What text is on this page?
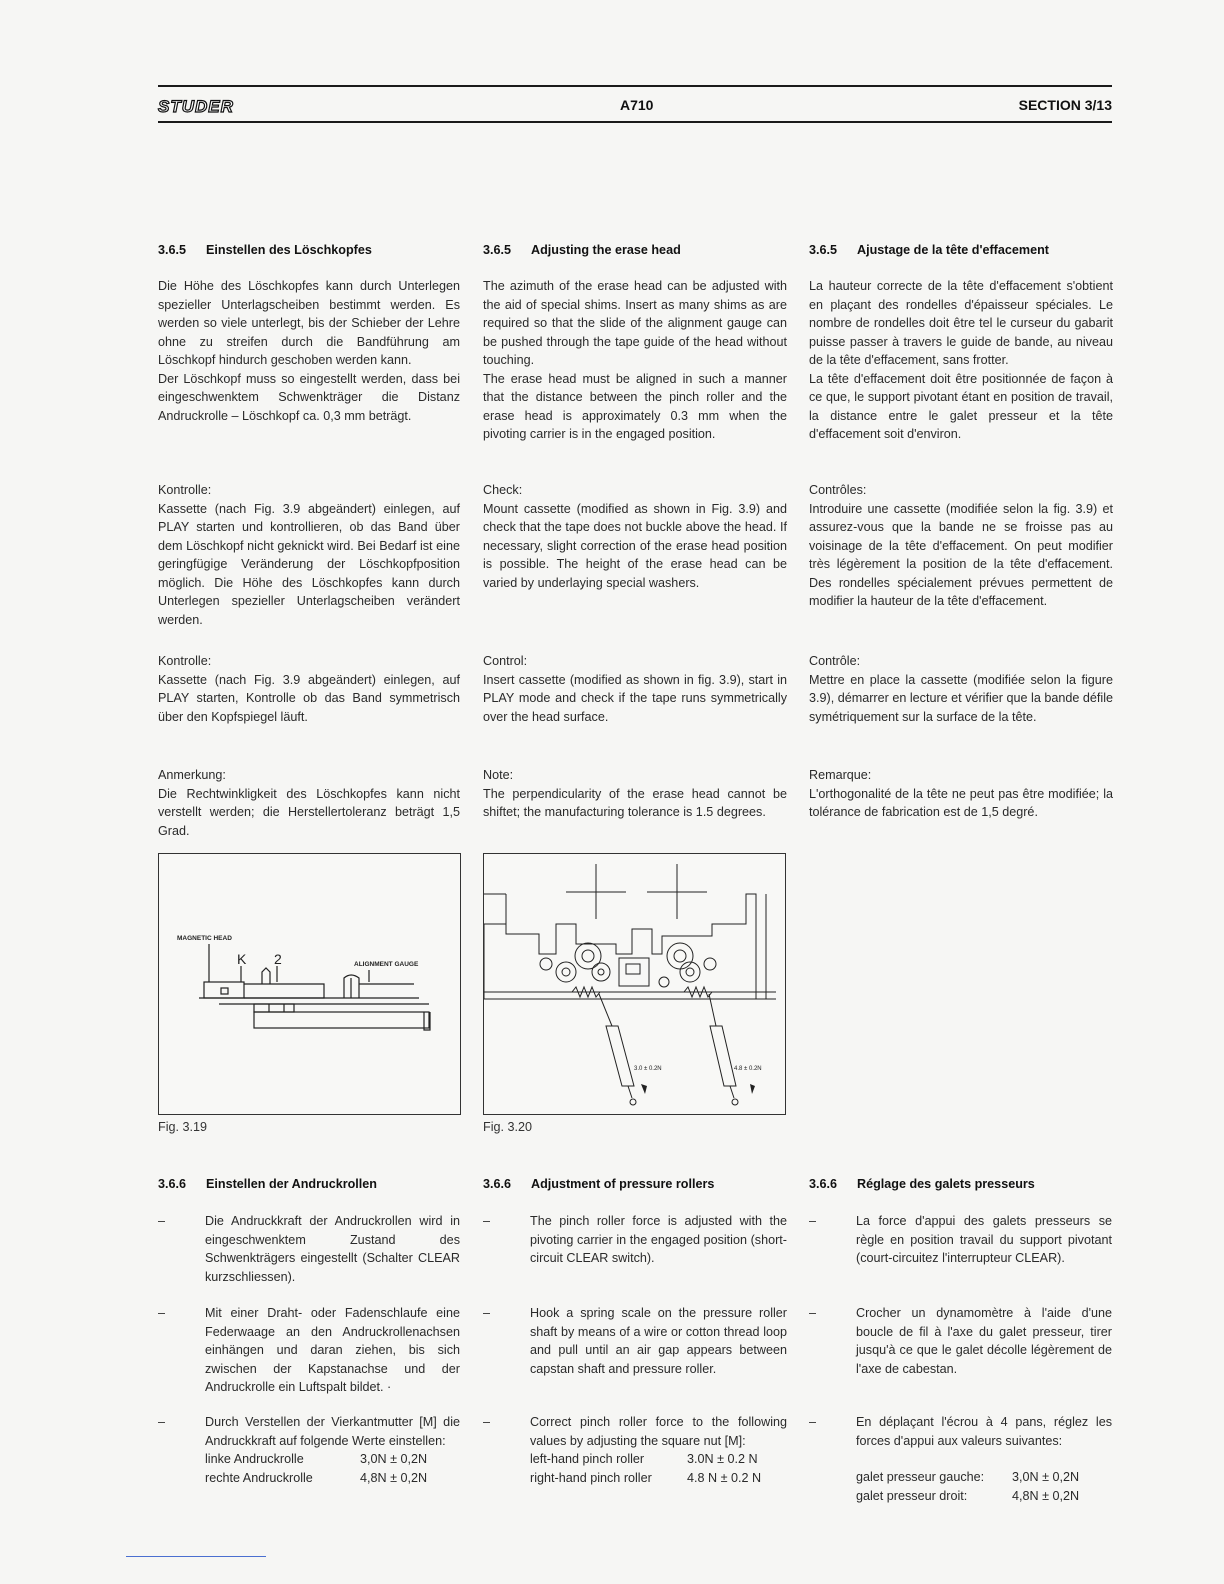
STUDER	A710	SECTION 3/13
3.6.5 Einstellen des Löschkopfes

Die Höhe des Löschkopfes kann durch Unterlegen spezieller Unterlagscheiben bestimmt werden. Es werden so viele unterlegt, bis der Schieber der Lehre ohne zu streifen durch die Bandführung am Löschkopf hindurch geschoben werden kann.

Der Löschkopf muss so eingestellt werden, dass bei eingeschwenktem Schwenkträger die Distanz Andruckrolle – Löschkopf ca. 0,3 mm beträgt.

Kontrolle:

Kassette (nach Fig. 3.9 abgeändert) einlegen, auf PLAY starten und kontrollieren, ob das Band über dem Löschkopf nicht geknickt wird. Bei Bedarf ist eine geringfügige Veränderung der Löschkopfposition möglich. Die Höhe des Löschkopfes kann durch Unterlegen spezieller Unterlagscheiben verändert werden.

Kontrolle:

Kassette (nach Fig. 3.9 abgeändert) einlegen, auf PLAY starten, Kontrolle ob das Band symmetrisch über den Kopfspiegel läuft.

Anmerkung:

Die Rechtwinkligkeit des Löschkopfes kann nicht verstellt werden; die Herstellertoleranz beträgt 1,5 Grad.

3.6.5 Adjusting the erase head

The azimuth of the erase head can be adjusted with the aid of special shims. Insert as many shims as are required so that the slide of the alignment gauge can be pushed through the tape guide of the head without touching.

The erase head must be aligned in such a manner that the distance between the pinch roller and the erase head is approximately 0.3 mm when the pivoting carrier is in the engaged position.

Check:

Mount cassette (modified as shown in Fig. 3.9) and check that the tape does not buckle above the head. If necessary, slight correction of the erase head position is possible. The height of the erase head can be varied by underlaying special washers.

Control:

Insert cassette (modified as shown in fig. 3.9), start in PLAY mode and check if the tape runs symmetrically over the head surface.

Note:

The perpendicularity of the erase head cannot be shiftet; the manufacturing tolerance is 1.5 degrees.

3.6.5 Ajustage de la tête d'effacement

La hauteur correcte de la tête d'effacement s'obtient en plaçant des rondelles d'épaisseur spéciales. Le nombre de rondelles doit être tel le curseur du gabarit puisse passer à travers le guide de bande, au niveau de la tête d'effacement, sans frotter.

La tête d'effacement doit être positionnée de façon à ce que, le support pivotant étant en position de travail, la distance entre le galet presseur et la tête d'effacement soit d'environ.

Contrôles:

Introduire une cassette (modifiée selon la fig. 3.9) et assurez-vous que la bande ne se froisse pas au voisinage de la tête d'effacement. On peut modifier très légèrement la position de la tête d'effacement. Des rondelles spécialement prévues permettent de modifier la hauteur de la tête d'effacement.

Contrôle:

Mettre en place la cassette (modifiée selon la figure 3.9), démarrer en lecture et vérifier que la bande défile symétriquement sur la surface de la tête.

Remarque:

L'orthogonalité de la tête ne peut pas être modifiée; la tolérance de fabrication est de 1,5 degré.

MAGNETIC HEAD
K 2	ALIGNMENT GAUGE
Fig. 3.19
3.0 ± 0.2N	4.8 ± 0.2N
Fig. 3.20
3.6.6 Einstellen der Andruckrollen	3.6.6 Adjustment of pressure rollers	3.6.6 Réglage des galets presseurs
–	Die Andruckkraft der Andruckrollen wird in eingeschwenktem Zustand des Schwenkträgers eingestellt (Schalter CLEAR kurzschliessen).
–	Mit einer Draht- oder Fadenschlaufe eine Federwaage an den Andruckrollenachsen einhängen und daran ziehen, bis sich zwischen der Kapstanachse und der Andruckrolle ein Luftspalt bildet. ·
–	Durch Verstellen der Vierkantmutter [M] die Andruckkraft auf folgende Werte einstellen:
linke Andruckrolle	3,0N ± 0,2N
rechte Andruckrolle	4,8N ± 0,2N
–	The pinch roller force is adjusted with the pivoting carrier in the engaged position (short-circuit CLEAR switch).
–	Hook a spring scale on the pressure roller shaft by means of a wire or cotton thread loop and pull until an air gap appears between capstan shaft and pressure roller.
–	Correct pinch roller force to the following values by adjusting the square nut [M]:
left-hand pinch roller	3.0N ± 0.2 N
right-hand pinch roller	4.8 N ± 0.2 N
–	La force d'appui des galets presseurs se règle en position travail du support pivotant (court-circuitez l'interrupteur CLEAR).
–	Crocher un dynamomètre à l'aide d'une boucle de fil à l'axe du galet presseur, tirer jusqu'à ce que le galet décolle légèrement de l'axe de cabestan.
–	En déplaçant l'écrou à 4 pans, réglez les forces d'appui aux valeurs suivantes:
galet presseur gauche:	3,0N ± 0,2N
galet presseur droit:	4,8N ± 0,2N
